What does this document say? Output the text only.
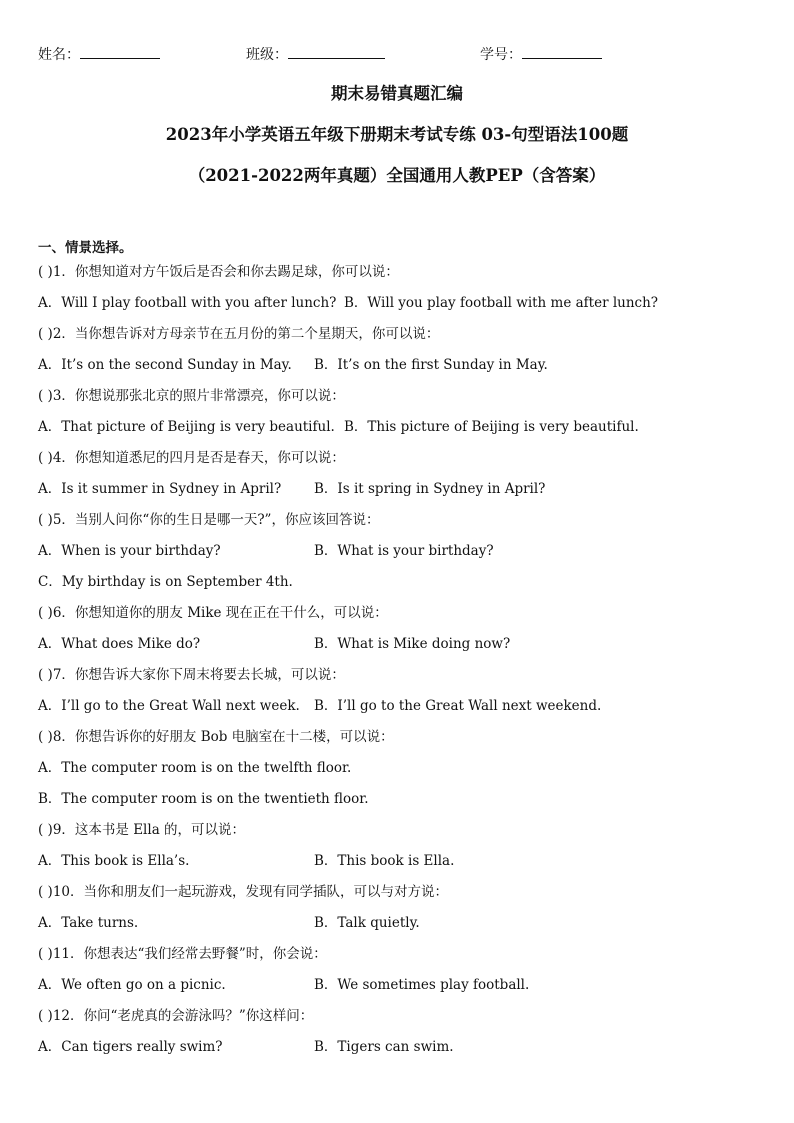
姓名：	班级：	学号：
期末易错真题汇编
2023年小学英语五年级下册期末考试专练 03-句型语法100题
（2021-2022两年真题）全国通用人教PEP（含答案）
一、情景选择。
( )1．你想知道对方午饭后是否会和你去踢足球，你可以说：
A．Will I play football with you after lunch? B．Will you play football with me after lunch?
( )2．当你想告诉对方母亲节在五月份的第二个星期天，你可以说：
A．It’s on the second Sunday in May. B．It’s on the first Sunday in May.
( )3．你想说那张北京的照片非常漂亮，你可以说：
A．That picture of Beijing is very beautiful. B．This picture of Beijing is very beautiful.
( )4．你想知道悉尼的四月是否是春天，你可以说：
A．Is it summer in Sydney in April? B．Is it spring in Sydney in April?
( )5．当别人问你“你的生日是哪一天?”，你应该回答说：
A．When is your birthday?	B．What is your birthday?
C．My birthday is on September 4th.
( )6．你想知道你的朋友 Mike 现在正在干什么，可以说：
A．What does Mike do?	B．What is Mike doing now?
( )7．你想告诉大家你下周末将要去长城，可以说：
A．I’ll go to the Great Wall next week. B．I’ll go to the Great Wall next weekend.
( )8．你想告诉你的好朋友 Bob 电脑室在十二楼，可以说：
A．The computer room is on the twelfth floor.
B．The computer room is on the twentieth floor.
( )9．这本书是 Ella 的，可以说：
A．This book is Ella’s.	B．This book is Ella.
( )10．当你和朋友们一起玩游戏，发现有同学插队，可以与对方说：
A．Take turns.	B．Talk quietly.
( )11．你想表达“我们经常去野餐”时，你会说：
A．We often go on a picnic.	B．We sometimes play football.
( )12．你问“老虎真的会游泳吗？”你这样问：
A．Can tigers really swim?	B．Tigers can swim.
